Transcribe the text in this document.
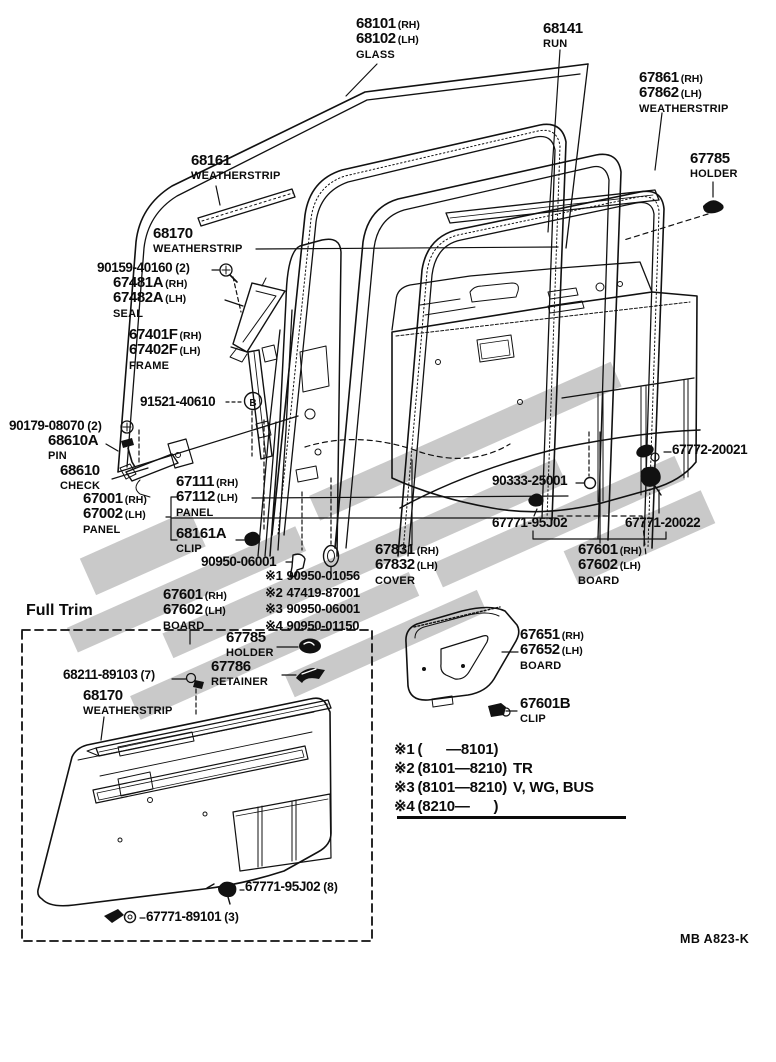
B
68101 (RH)
68102 (LH)
GLASS
68141
RUN
67861 (RH)
67862 (LH)
WEATHERSTRIP
67785
HOLDER
68161
WEATHERSTRIP
68170
WEATHERSTRIP
90159-40160 (2)
67481A (RH)
67482A (LH)
SEAL
67401F (RH)
67402F (LH)
FRAME
91521-40610
90179-08070 (2)
68610A
PIN
68610
CHECK
67001 (RH)
67002 (LH)
PANEL
67111 (RH)
67112 (LH)
PANEL
68161A
CLIP
90950-06001
※1 90950-01056
※2 47419-87001
※3 90950-06001
※4 90950-01150
67831 (RH)
67832 (LH)
COVER
67601 (RH)
67602 (LH)
BOARD
Full Trim
67785
HOLDER
67786
RETAINER
68211-89103 (7)
68170
WEATHERSTRIP
67771-95J02 (8)
67771-89101 (3)
67772-20021
90333-25001
67771-95J02	67771-20022
67601 (RH)
67602 (LH)
BOARD
67651 (RH)
67652 (LH)
BOARD
67601B
CLIP
※1 (      —8101)
※2 (8101—8210) TR
※3 (8101—8210) V, WG, BUS
※4 (8210—      )
MB A823-K
